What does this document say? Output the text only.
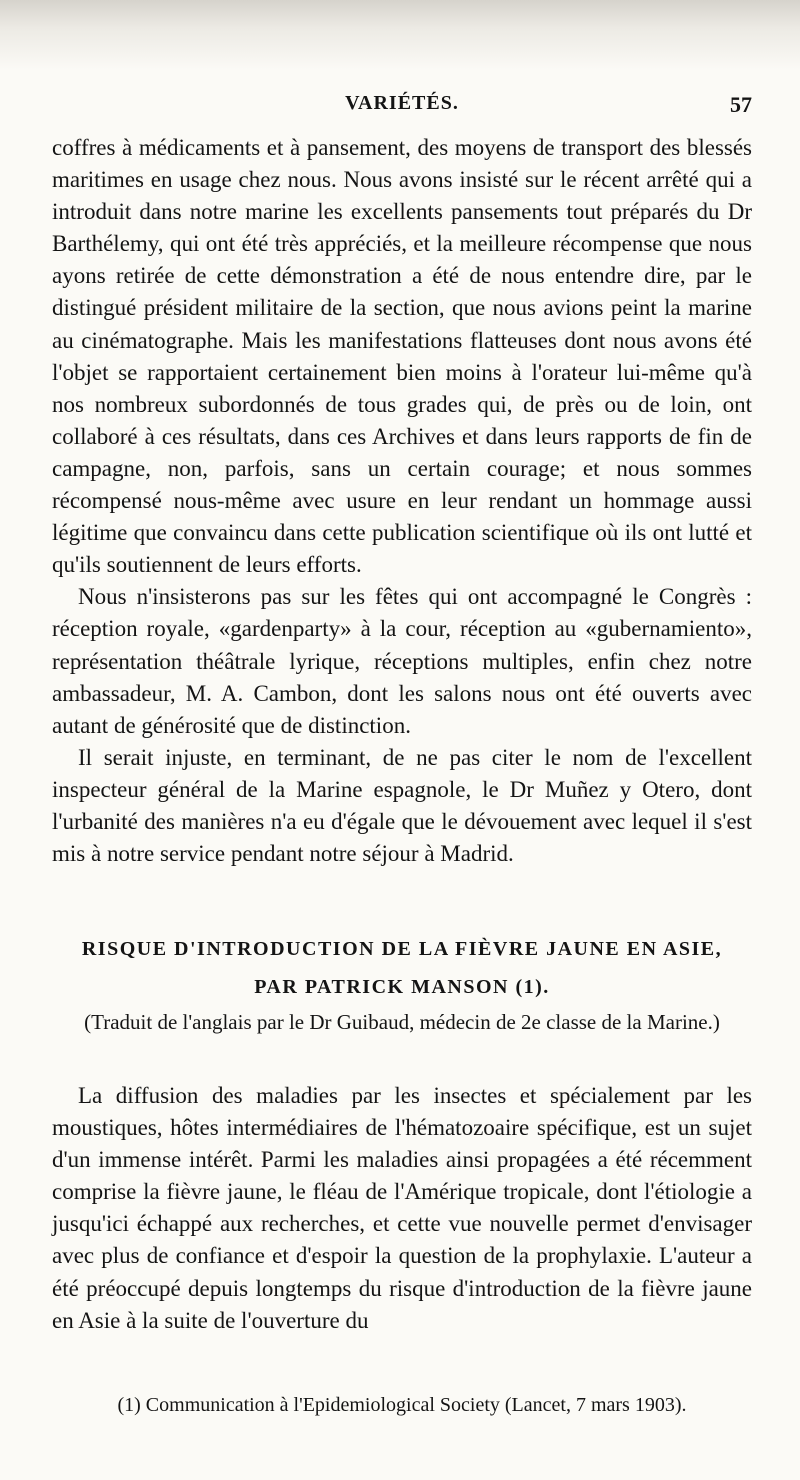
VARIÉTÉS.	57

coffres à médicaments et à pansement, des moyens de transport des blessés maritimes en usage chez nous. Nous avons insisté sur le récent arrêté qui a introduit dans notre marine les excellents pansements tout préparés du Dr Barthélemy, qui ont été très appréciés, et la meilleure récompense que nous ayons retirée de cette démonstration a été de nous entendre dire, par le distingué président militaire de la section, que nous avions peint la marine au cinématographe. Mais les manifestations flatteuses dont nous avons été l'objet se rapportaient certainement bien moins à l'orateur lui-même qu'à nos nombreux subordonnés de tous grades qui, de près ou de loin, ont collaboré à ces résultats, dans ces Archives et dans leurs rapports de fin de campagne, non, parfois, sans un certain courage; et nous sommes récompensé nous-même avec usure en leur rendant un hommage aussi légitime que convaincu dans cette publication scientifique où ils ont lutté et qu'ils soutiennent de leurs efforts.

Nous n'insisterons pas sur les fêtes qui ont accompagné le Congrès : réception royale, «gardenparty» à la cour, réception au «gubernamiento», représentation théâtrale lyrique, réceptions multiples, enfin chez notre ambassadeur, M. A. Cambon, dont les salons nous ont été ouverts avec autant de générosité que de distinction.

Il serait injuste, en terminant, de ne pas citer le nom de l'excellent inspecteur général de la Marine espagnole, le Dr Muñez y Otero, dont l'urbanité des manières n'a eu d'égale que le dévouement avec lequel il s'est mis à notre service pendant notre séjour à Madrid.

RISQUE D'INTRODUCTION DE LA FIÈVRE JAUNE EN ASIE,
PAR PATRICK MANSON (1).
(Traduit de l'anglais par le Dr Guibaud, médecin de 2e classe de la Marine.)

La diffusion des maladies par les insectes et spécialement par les moustiques, hôtes intermédiaires de l'hématozoaire spécifique, est un sujet d'un immense intérêt. Parmi les maladies ainsi propagées a été récemment comprise la fièvre jaune, le fléau de l'Amérique tropicale, dont l'étiologie a jusqu'ici échappé aux recherches, et cette vue nouvelle permet d'envisager avec plus de confiance et d'espoir la question de la prophylaxie. L'auteur a été préoccupé depuis longtemps du risque d'introduction de la fièvre jaune en Asie à la suite de l'ouverture du

(1) Communication à l'Epidemiological Society (Lancet, 7 mars 1903).
